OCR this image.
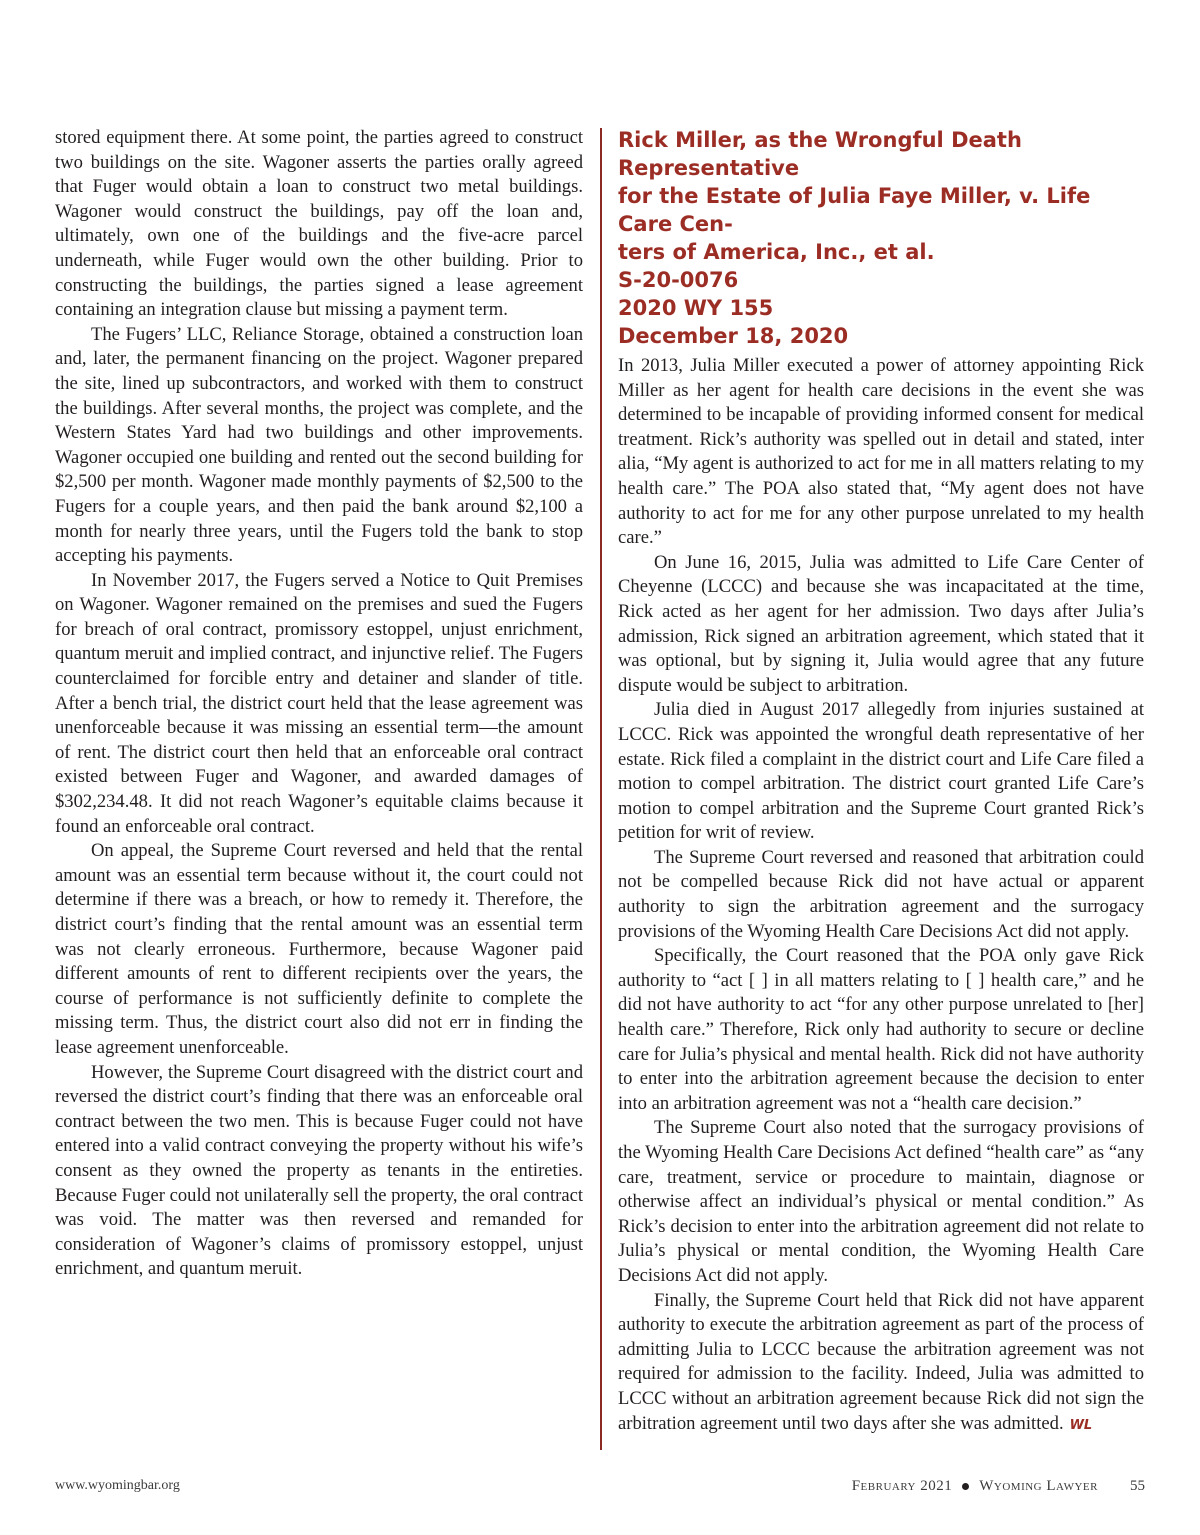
stored equipment there. At some point, the parties agreed to construct two buildings on the site. Wagoner asserts the parties orally agreed that Fuger would obtain a loan to construct two metal buildings. Wagoner would construct the buildings, pay off the loan and, ultimately, own one of the buildings and the five-acre parcel underneath, while Fuger would own the other building. Prior to constructing the buildings, the parties signed a lease agreement containing an integration clause but missing a payment term.

The Fugers’ LLC, Reliance Storage, obtained a construction loan and, later, the permanent financing on the project. Wagoner prepared the site, lined up subcontractors, and worked with them to construct the buildings. After several months, the project was complete, and the Western States Yard had two buildings and other improvements. Wagoner occupied one building and rented out the second building for $2,500 per month. Wagoner made monthly payments of $2,500 to the Fugers for a couple years, and then paid the bank around $2,100 a month for nearly three years, until the Fugers told the bank to stop accepting his payments.

In November 2017, the Fugers served a Notice to Quit Premises on Wagoner. Wagoner remained on the premises and sued the Fugers for breach of oral contract, promissory estoppel, unjust enrichment, quantum meruit and implied contract, and injunctive relief. The Fugers counterclaimed for forcible entry and detainer and slander of title. After a bench trial, the district court held that the lease agreement was unenforceable because it was missing an essential term—the amount of rent. The district court then held that an enforceable oral contract existed between Fuger and Wagoner, and awarded damages of $302,234.48. It did not reach Wagoner’s equitable claims because it found an enforceable oral contract.

On appeal, the Supreme Court reversed and held that the rental amount was an essential term because without it, the court could not determine if there was a breach, or how to remedy it. Therefore, the district court’s finding that the rental amount was an essential term was not clearly erroneous. Furthermore, because Wagoner paid different amounts of rent to different recipients over the years, the course of performance is not sufficiently definite to complete the missing term. Thus, the district court also did not err in finding the lease agreement unenforceable.

However, the Supreme Court disagreed with the district court and reversed the district court’s finding that there was an enforceable oral contract between the two men. This is because Fuger could not have entered into a valid contract conveying the property without his wife’s consent as they owned the property as tenants in the entireties. Because Fuger could not unilaterally sell the property, the oral contract was void. The matter was then reversed and remanded for consideration of Wagoner’s claims of promissory estoppel, unjust enrichment, and quantum meruit.

Rick Miller, as the Wrongful Death Representative
for the Estate of Julia Faye Miller, v. Life Care Cen-
ters of America, Inc., et al.
S-20-0076
2020 WY 155
December 18, 2020

In 2013, Julia Miller executed a power of attorney appointing Rick Miller as her agent for health care decisions in the event she was determined to be incapable of providing informed consent for medical treatment. Rick’s authority was spelled out in detail and stated, inter alia, “My agent is authorized to act for me in all matters relating to my health care.” The POA also stated that, “My agent does not have authority to act for me for any other purpose unrelated to my health care.”

On June 16, 2015, Julia was admitted to Life Care Center of Cheyenne (LCCC) and because she was incapacitated at the time, Rick acted as her agent for her admission. Two days after Julia’s admission, Rick signed an arbitration agreement, which stated that it was optional, but by signing it, Julia would agree that any future dispute would be subject to arbitration.

Julia died in August 2017 allegedly from injuries sustained at LCCC. Rick was appointed the wrongful death representative of her estate. Rick filed a complaint in the district court and Life Care filed a motion to compel arbitration. The district court granted Life Care’s motion to compel arbitration and the Supreme Court granted Rick’s petition for writ of review.

The Supreme Court reversed and reasoned that arbitration could not be compelled because Rick did not have actual or apparent authority to sign the arbitration agreement and the surrogacy provisions of the Wyoming Health Care Decisions Act did not apply.

Specifically, the Court reasoned that the POA only gave Rick authority to “act [ ] in all matters relating to [ ] health care,” and he did not have authority to act “for any other purpose unrelated to [her] health care.” Therefore, Rick only had authority to secure or decline care for Julia’s physical and mental health. Rick did not have authority to enter into the arbitration agreement because the decision to enter into an arbitration agreement was not a “health care decision.”

The Supreme Court also noted that the surrogacy provisions of the Wyoming Health Care Decisions Act defined “health care” as “any care, treatment, service or procedure to maintain, diagnose or otherwise affect an individual’s physical or mental condition.” As Rick’s decision to enter into the arbitration agreement did not relate to Julia’s physical or mental condition, the Wyoming Health Care Decisions Act did not apply.

Finally, the Supreme Court held that Rick did not have apparent authority to execute the arbitration agreement as part of the process of admitting Julia to LCCC because the arbitration agreement was not required for admission to the facility. Indeed, Julia was admitted to LCCC without an arbitration agreement because Rick did not sign the arbitration agreement until two days after she was admitted. WL

www.wyomingbar.org	February 2021 Wyoming Lawyer 55
